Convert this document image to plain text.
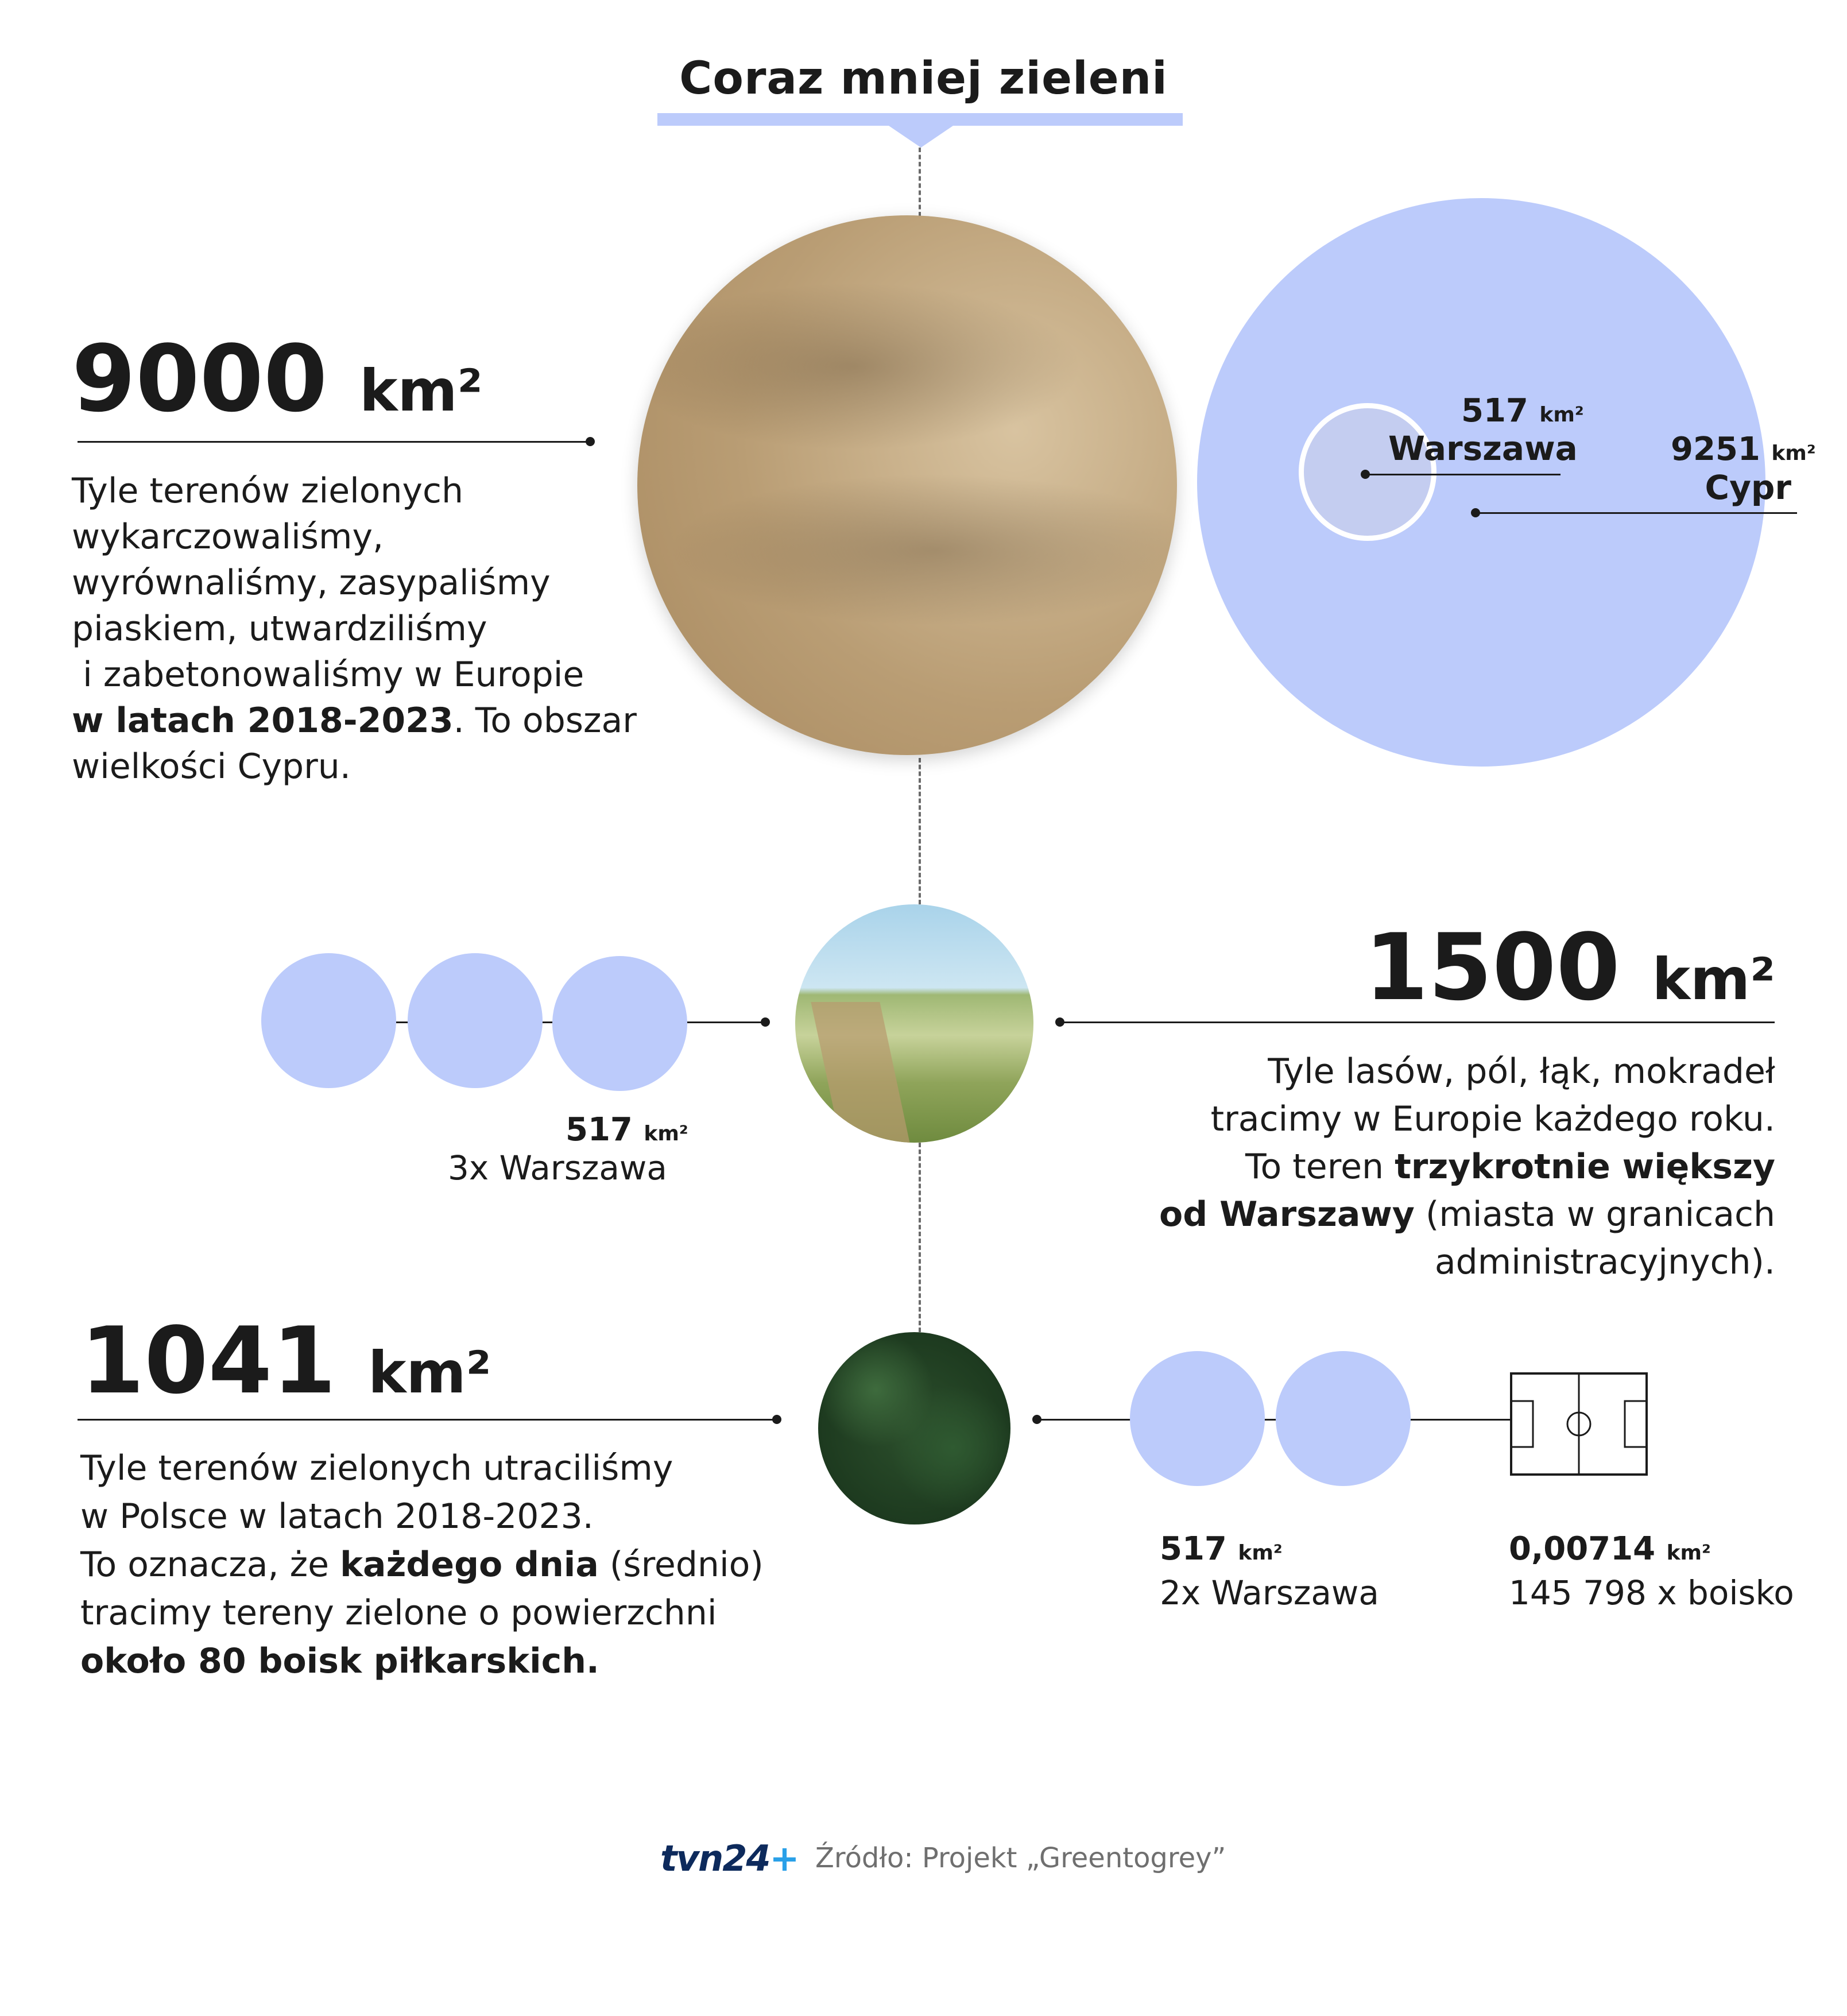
Coraz mniej zieleni
9000 km²
Tyle terenów zielonych
wykarczowaliśmy,
wyrównaliśmy, zasypaliśmy
piaskiem, utwardziliśmy
i zabetonowaliśmy w Europie
w latach 2018-2023. To obszar
wielkości Cypru.
517 km²
Warszawa	9251 km²
Cypr
517 km²
3x Warszawa
1500 km²
Tyle lasów, pól, łąk, mokradeł
tracimy w Europie każdego roku.
To teren trzykrotnie większy
od Warszawy (miasta w granicach
administracyjnych).
1041 km²
Tyle terenów zielonych utraciliśmy
w Polsce w latach 2018-2023.
To oznacza, że każdego dnia (średnio)
tracimy tereny zielone o powierzchni
około 80 boisk piłkarskich.
517 km²
2x Warszawa
0,00714 km²
145 798 x boisko
tvn24+ Źródło: Projekt „Greentogrey”
